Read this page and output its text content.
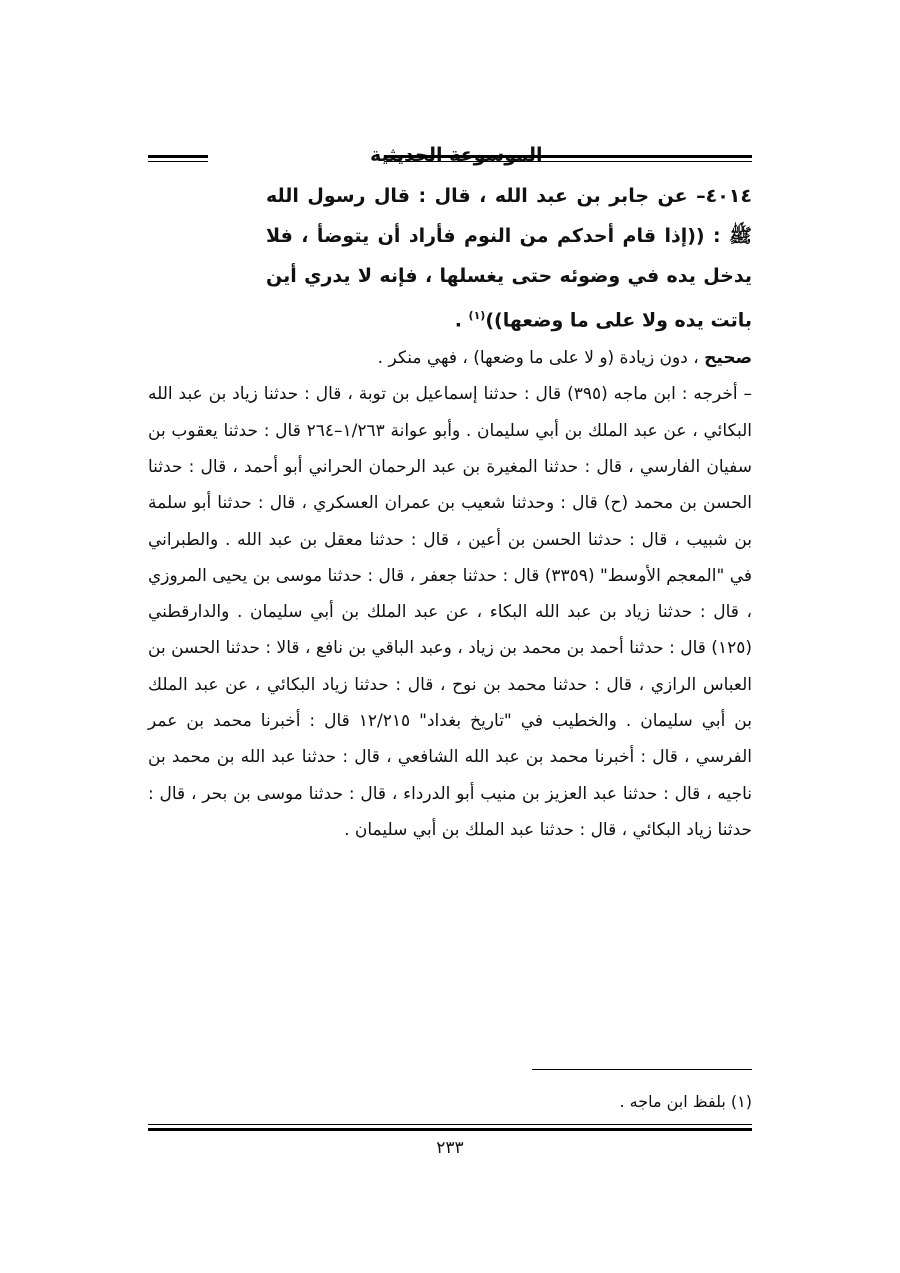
الموسوعة الحديثية

٤٠١٤– عن جابر بن عبد الله ، قال : قال رسول الله ﷺ : ((إذا قام أحدكم من النوم فأراد أن يتوضأ ، فلا يدخل يده في وضوئه حتى يغسلها ، فإنه لا يدري أين باتت يده ولا على ما وضعها))$^{(١)}$ .

صحيح ، دون زيادة (و لا على ما وضعها) ، فهي منكر .

– أخرجه : ابن ماجه (٣٩٥) قال : حدثنا إسماعيل بن توبة ، قال : حدثنا زياد بن عبد الله البكائي ، عن عبد الملك بن أبي سليمان . وأبو عوانة ١/٢٦٣–٢٦٤ قال : حدثنا يعقوب بن سفيان الفارسي ، قال : حدثنا المغيرة بن عبد الرحمان الحراني أبو أحمد ، قال : حدثنا الحسن بن محمد (ح) قال : وحدثنا شعيب بن عمران العسكري ، قال : حدثنا أبو سلمة بن شبيب ، قال : حدثنا الحسن بن أعين ، قال : حدثنا معقل بن عبد الله . والطبراني في "المعجم الأوسط" (٣٣٥٩) قال : حدثنا جعفر ، قال : حدثنا موسى بن يحيى المروزي ، قال : حدثنا زياد بن عبد الله البكاء ، عن عبد الملك بن أبي سليمان . والدارقطني (١٢٥) قال : حدثنا أحمد بن محمد بن زياد ، وعبد الباقي بن نافع ، قالا : حدثنا الحسن بن العباس الرازي ، قال : حدثنا محمد بن نوح ، قال : حدثنا زياد البكائي ، عن عبد الملك بن أبي سليمان . والخطيب في "تاريخ بغداد" ١٢/٢١٥ قال : أخبرنا محمد بن عمر الفرسي ، قال : أخبرنا محمد بن عبد الله الشافعي ، قال : حدثنا عبد الله بن محمد بن ناجيه ، قال : حدثنا عبد العزيز بن منيب أبو الدرداء ، قال : حدثنا موسى بن بحر ، قال : حدثنا زياد البكائي ، قال : حدثنا عبد الملك بن أبي سليمان .

(١) بلفظ ابن ماجه .
٢٣٣
